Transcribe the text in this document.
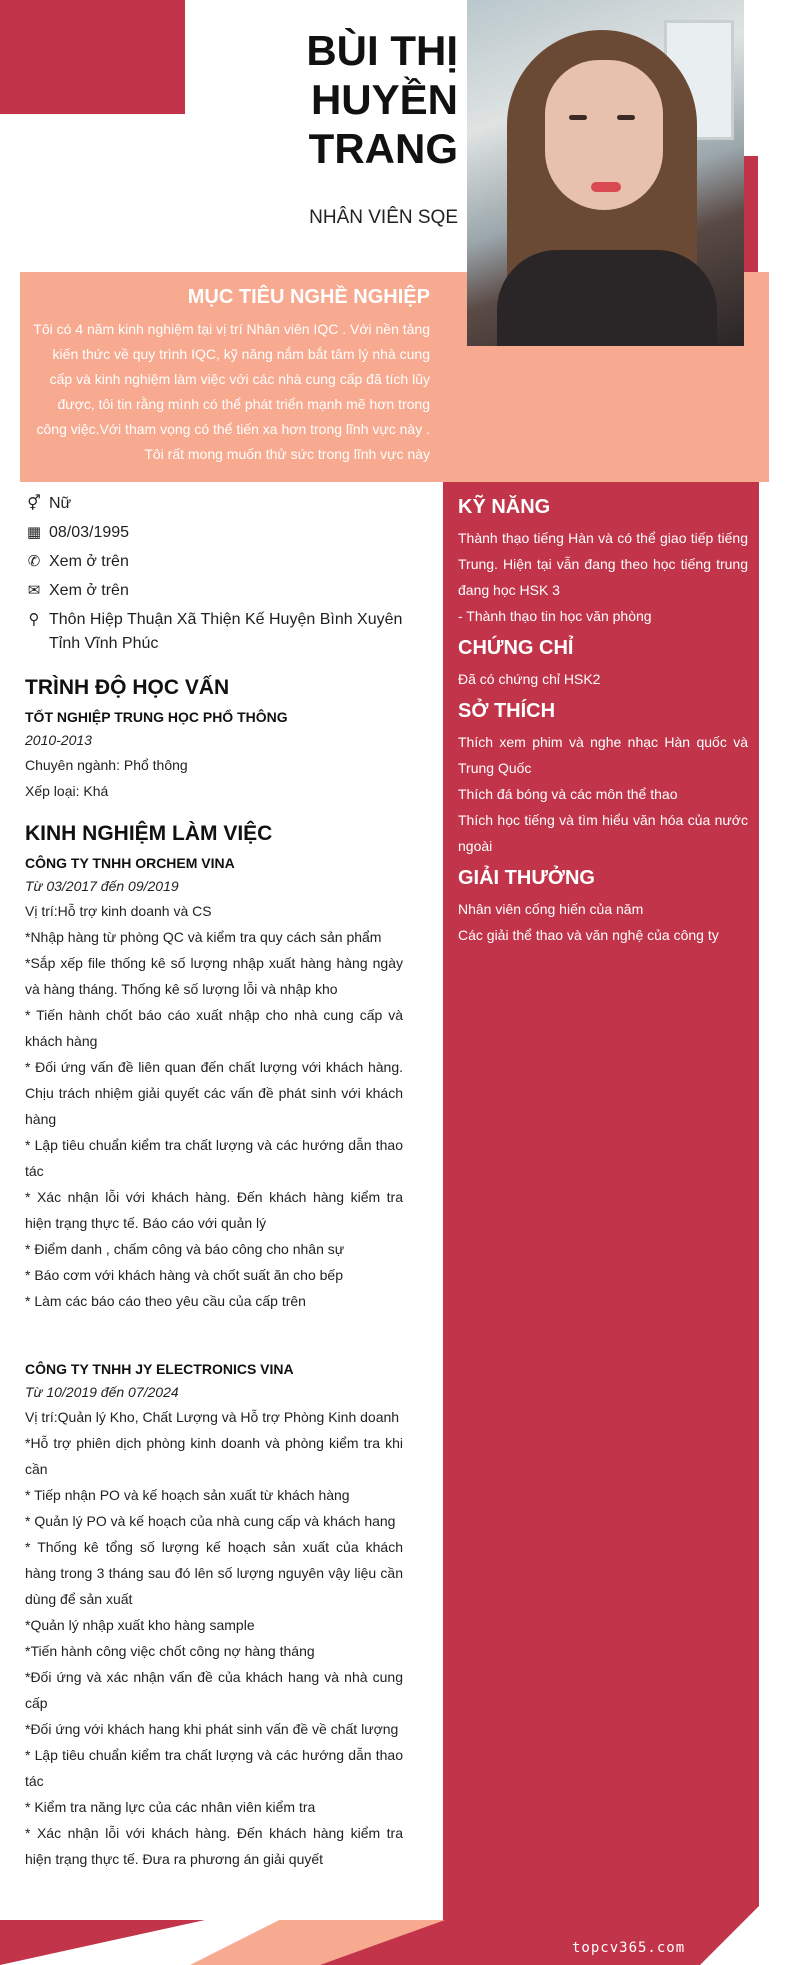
BÙI THỊ
HUYỀN
TRANG
NHÂN VIÊN SQE
MỤC TIÊU NGHỀ NGHIỆP

Tôi có 4 năm kinh nghiệm tại vị trí Nhân viên IQC . Với nền tảng kiến thức về quy trình IQC, kỹ năng nắm bắt tâm lý nhà cung cấp và kinh nghiệm làm việc với các nhà cung cấp đã tích lũy được, tôi tin rằng mình có thể phát triển mạnh mẽ hơn trong công việc.Với tham vọng có thể tiến xa hơn trong lĩnh vực này . Tôi rất mong muốn thử sức trong lĩnh vực này

⚥ Nữ
▦ 08/03/1995
✆ Xem ở trên
✉ Xem ở trên
⚲ Thôn Hiệp Thuận Xã Thiện Kế Huyện Bình Xuyên Tỉnh Vĩnh Phúc
TRÌNH ĐỘ HỌC VẤN
TỐT NGHIỆP TRUNG HỌC PHỔ THÔNG
2010-2013

Chuyên ngành: Phổ thông

Xếp loại: Khá

KINH NGHIỆM LÀM VIỆC
CÔNG TY TNHH ORCHEM VINA
Từ 03/2017 đến 09/2019

Vị trí:Hỗ trợ kinh doanh và CS

*Nhập hàng từ phòng QC và kiểm tra quy cách sản phẩm

*Sắp xếp file thống kê số lượng nhập xuất hàng hàng ngày và hàng tháng. Thống kê số lượng lỗi và nhập kho

* Tiến hành chốt báo cáo xuất nhập cho nhà cung cấp và khách hàng

* Đối ứng vấn đề liên quan đến chất lượng với khách hàng. Chịu trách nhiệm giải quyết các vấn đề phát sinh với khách hàng

* Lập tiêu chuẩn kiểm tra chất lượng và các hướng dẫn thao tác

* Xác nhận lỗi với khách hàng. Đến khách hàng kiểm tra hiện trạng thực tế. Báo cáo với quản lý

* Điểm danh , chấm công và báo công cho nhân sự

* Báo cơm với khách hàng và chốt suất ăn cho bếp

* Làm các báo cáo theo yêu cầu của cấp trên

CÔNG TY TNHH JY ELECTRONICS VINA
Từ 10/2019 đến 07/2024

Vị trí:Quản lý Kho, Chất Lượng và Hỗ trợ Phòng Kinh doanh

*Hỗ trợ phiên dịch phòng kinh doanh và phòng kiểm tra khi cần

* Tiếp nhận PO và kế hoạch sản xuất từ khách hàng

* Quản lý PO và kế hoạch của nhà cung cấp và khách hang

* Thống kê tổng số lượng kế hoạch sản xuất của khách hàng trong 3 tháng sau đó lên số lượng nguyên vậy liệu cần dùng để sản xuất

*Quản lý nhập xuất kho hàng sample

*Tiến hành công việc chốt công nợ hàng tháng

*Đối ứng và xác nhận vấn đề của khách hang và nhà cung cấp

*Đối ứng với khách hang khi phát sinh vấn đề về chất lượng

* Lập tiêu chuẩn kiểm tra chất lượng và các hướng dẫn thao tác

* Kiểm tra năng lực của các nhân viên kiểm tra

* Xác nhận lỗi với khách hàng. Đến khách hàng kiểm tra hiện trạng thực tế. Đưa ra phương án giải quyết

KỸ NĂNG

Thành thạo tiếng Hàn và có thể giao tiếp tiếng Trung. Hiện tại vẫn đang theo học tiếng trung đang học HSK 3

- Thành thạo tin học văn phòng

CHỨNG CHỈ

Đã có chứng chỉ HSK2

SỞ THÍCH

Thích xem phim và nghe nhạc Hàn quốc và Trung Quốc

Thích đá bóng và các môn thể thao

Thích học tiếng và tìm hiểu văn hóa của nước ngoài

GIẢI THƯỞNG

Nhân viên cống hiến của năm

Các giải thể thao và văn nghệ của công ty

topcv365.com
